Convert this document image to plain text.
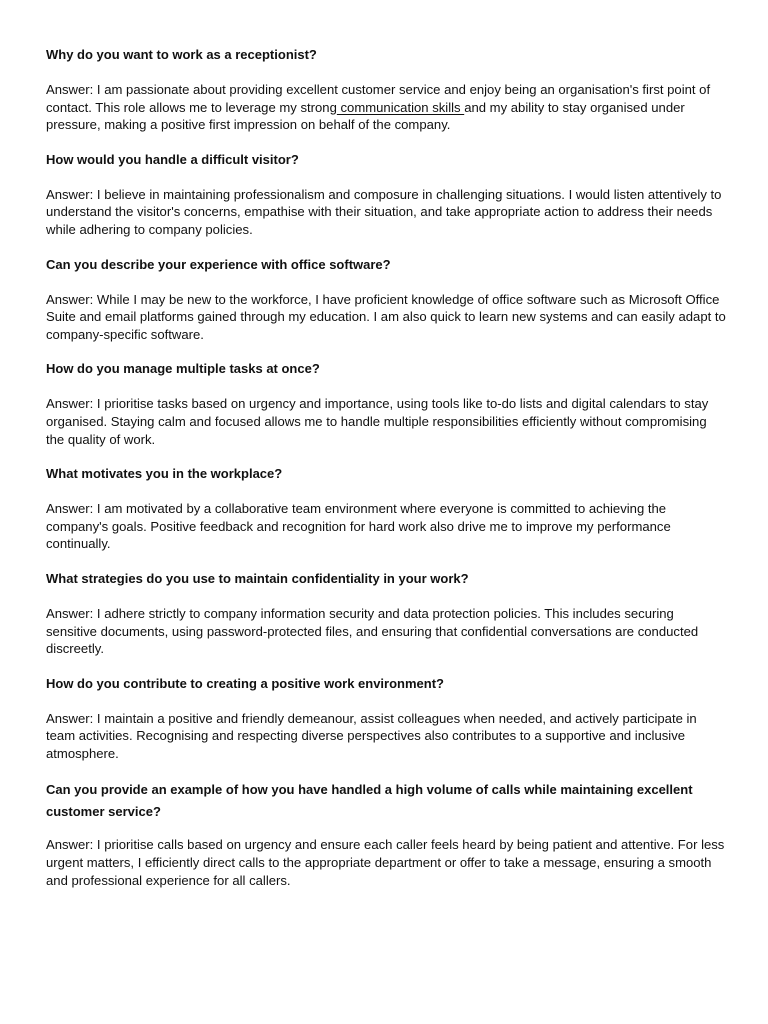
Why do you want to work as a receptionist?

Answer: I am passionate about providing excellent customer service and enjoy being an organisation's first point of contact. This role allows me to leverage my strong communication skills and my ability to stay organised under pressure, making a positive first impression on behalf of the company.

How would you handle a difficult visitor?

Answer: I believe in maintaining professionalism and composure in challenging situations. I would listen attentively to understand the visitor's concerns, empathise with their situation, and take appropriate action to address their needs while adhering to company policies.

Can you describe your experience with office software?

Answer: While I may be new to the workforce, I have proficient knowledge of office software such as Microsoft Office Suite and email platforms gained through my education. I am also quick to learn new systems and can easily adapt to company-specific software.

How do you manage multiple tasks at once?

Answer: I prioritise tasks based on urgency and importance, using tools like to-do lists and digital calendars to stay organised. Staying calm and focused allows me to handle multiple responsibilities efficiently without compromising the quality of work.

What motivates you in the workplace?

Answer: I am motivated by a collaborative team environment where everyone is committed to achieving the company's goals. Positive feedback and recognition for hard work also drive me to improve my performance continually.

What strategies do you use to maintain confidentiality in your work?

Answer: I adhere strictly to company information security and data protection policies. This includes securing sensitive documents, using password-protected files, and ensuring that confidential conversations are conducted discreetly.

How do you contribute to creating a positive work environment?

Answer: I maintain a positive and friendly demeanour, assist colleagues when needed, and actively participate in team activities. Recognising and respecting diverse perspectives also contributes to a supportive and inclusive atmosphere.

Can you provide an example of how you have handled a high volume of calls while maintaining excellent customer service?

Answer: I prioritise calls based on urgency and ensure each caller feels heard by being patient and attentive. For less urgent matters, I efficiently direct calls to the appropriate department or offer to take a message, ensuring a smooth and professional experience for all callers.
